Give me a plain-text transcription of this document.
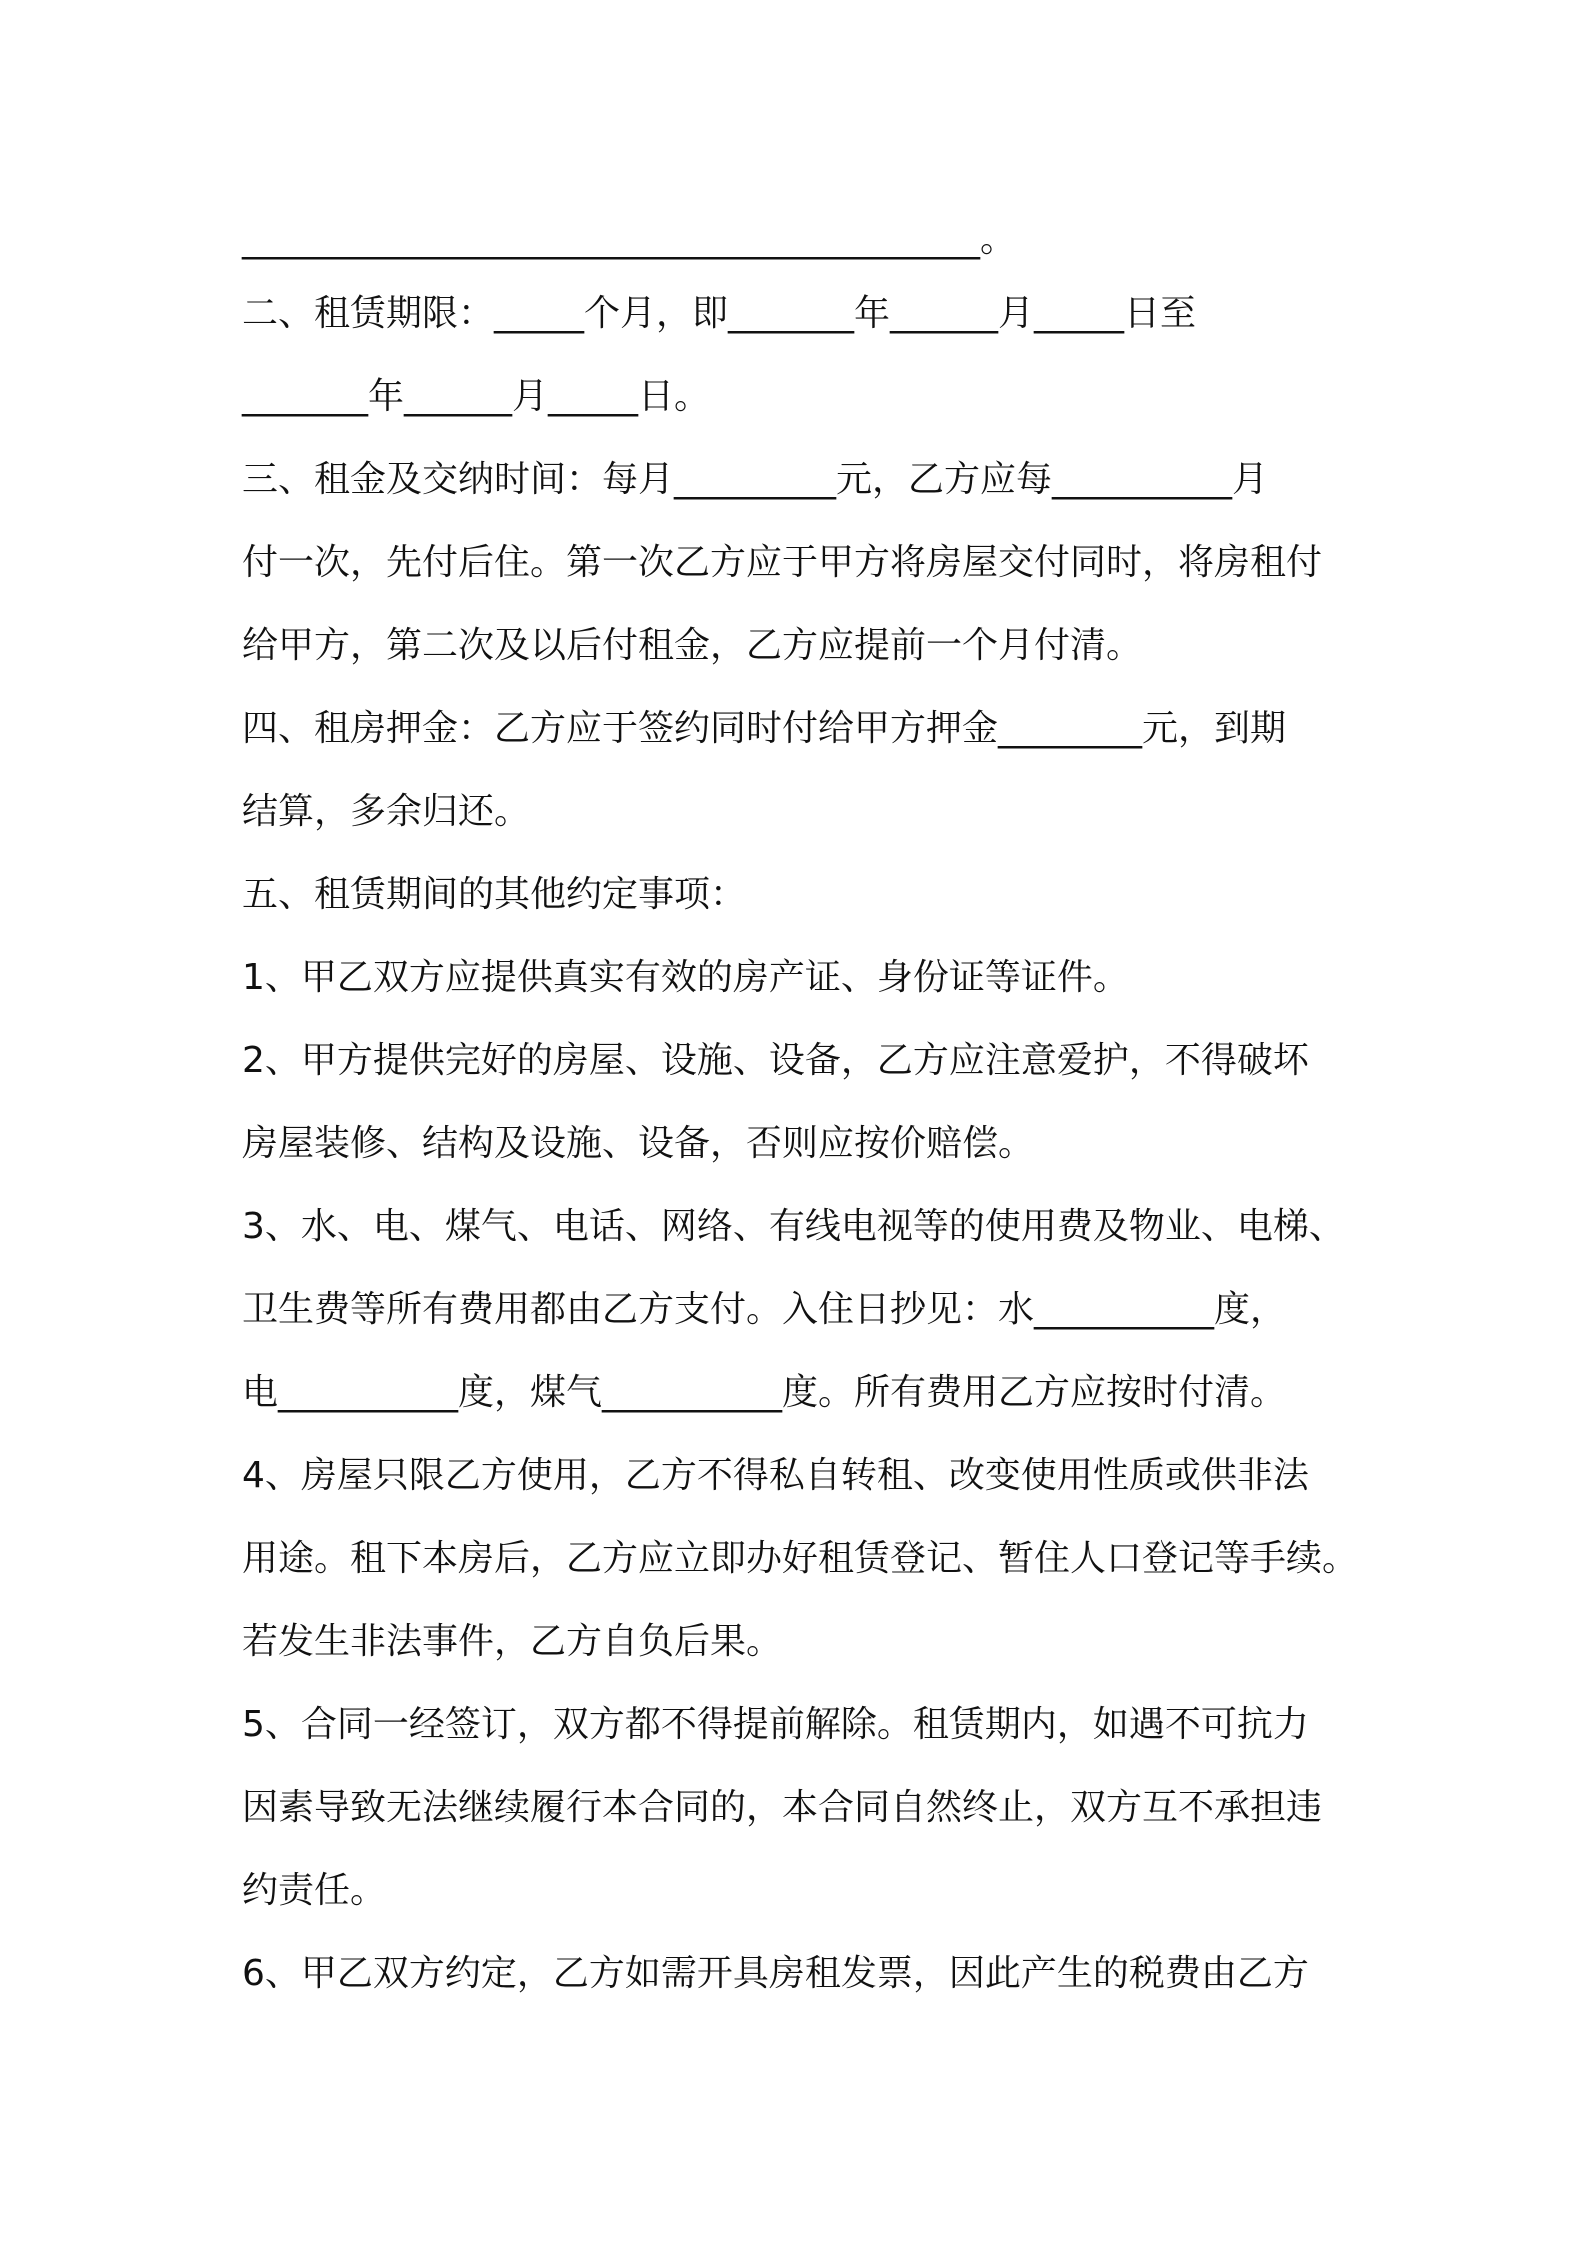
_________________________________________。
二、租赁期限：_____个月，即_______年______月_____日至
_______年______月_____日。
三、租金及交纳时间：每月_________元，乙方应每__________月
付一次，先付后住。第一次乙方应于甲方将房屋交付同时，将房租付
给甲方，第二次及以后付租金，乙方应提前一个月付清。
四、租房押金：乙方应于签约同时付给甲方押金________元，到期
结算，多余归还。
五、租赁期间的其他约定事项：
1、甲乙双方应提供真实有效的房产证、身份证等证件。
2、甲方提供完好的房屋、设施、设备，乙方应注意爱护，不得破坏
房屋装修、结构及设施、设备，否则应按价赔偿。
3、水、电、煤气、电话、网络、有线电视等的使用费及物业、电梯、
卫生费等所有费用都由乙方支付。入住日抄见：水__________度，
电__________度，煤气__________度。所有费用乙方应按时付清。
4、房屋只限乙方使用，乙方不得私自转租、改变使用性质或供非法
用途。租下本房后，乙方应立即办好租赁登记、暂住人口登记等手续。
若发生非法事件，乙方自负后果。
5、合同一经签订，双方都不得提前解除。租赁期内，如遇不可抗力
因素导致无法继续履行本合同的，本合同自然终止，双方互不承担违
约责任。
6、甲乙双方约定，乙方如需开具房租发票，因此产生的税费由乙方
